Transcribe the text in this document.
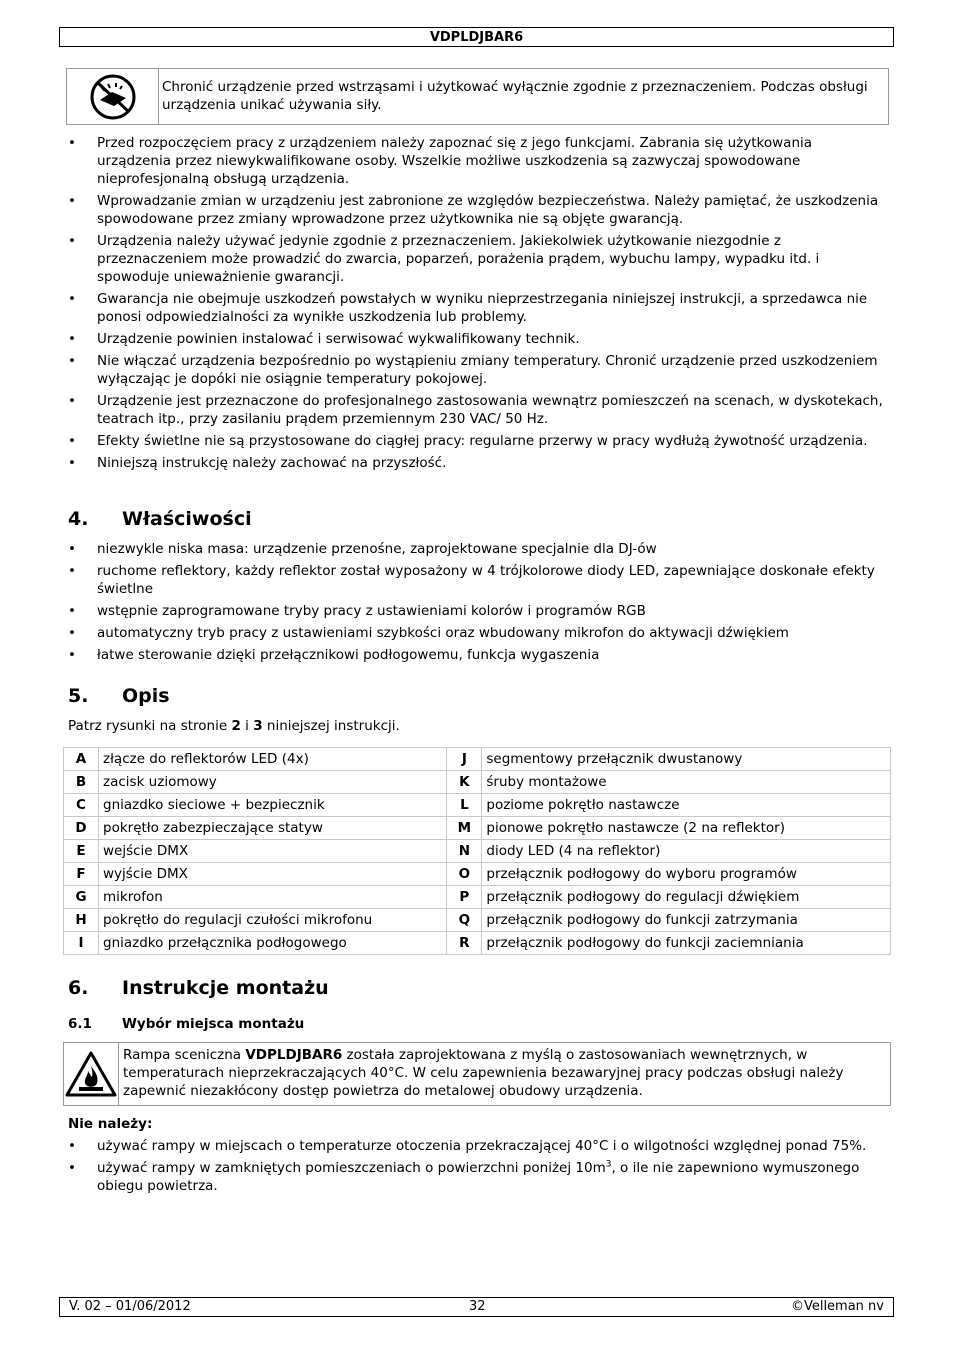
VDPLDJBAR6
Chronić urządzenie przed wstrząsami i użytkować wyłącznie zgodnie z przeznaczeniem. Podczas obsługi urządzenia unikać używania siły.
• Przed rozpoczęciem pracy z urządzeniem należy zapoznać się z jego funkcjami. Zabrania się użytkowania urządzenia przez niewykwalifikowane osoby. Wszelkie możliwe uszkodzenia są zazwyczaj spowodowane nieprofesjonalną obsługą urządzenia.
• Wprowadzanie zmian w urządzeniu jest zabronione ze względów bezpieczeństwa. Należy pamiętać, że uszkodzenia spowodowane przez zmiany wprowadzone przez użytkownika nie są objęte gwarancją.
• Urządzenia należy używać jedynie zgodnie z przeznaczeniem. Jakiekolwiek użytkowanie niezgodnie z przeznaczeniem może prowadzić do zwarcia, poparzeń, porażenia prądem, wybuchu lampy, wypadku itd. i spowoduje unieważnienie gwarancji.
• Gwarancja nie obejmuje uszkodzeń powstałych w wyniku nieprzestrzegania niniejszej instrukcji, a sprzedawca nie ponosi odpowiedzialności za wynikłe uszkodzenia lub problemy.
• Urządzenie powinien instalować i serwisować wykwalifikowany technik.
• Nie włączać urządzenia bezpośrednio po wystąpieniu zmiany temperatury. Chronić urządzenie przed uszkodzeniem wyłączając je dopóki nie osiągnie temperatury pokojowej.
• Urządzenie jest przeznaczone do profesjonalnego zastosowania wewnątrz pomieszczeń na scenach, w dyskotekach, teatrach itp., przy zasilaniu prądem przemiennym 230 VAC/ 50 Hz.
• Efekty świetlne nie są przystosowane do ciągłej pracy: regularne przerwy w pracy wydłużą żywotność urządzenia.
• Niniejszą instrukcję należy zachować na przyszłość.
4. Właściwości
• niezwykle niska masa: urządzenie przenośne, zaprojektowane specjalnie dla DJ-ów
• ruchome reflektory, każdy reflektor został wyposażony w 4 trójkolorowe diody LED, zapewniające doskonałe efekty świetlne
• wstępnie zaprogramowane tryby pracy z ustawieniami kolorów i programów RGB
• automatyczny tryb pracy z ustawieniami szybkości oraz wbudowany mikrofon do aktywacji dźwiękiem
• łatwe sterowanie dzięki przełącznikowi podłogowemu, funkcja wygaszenia
5. Opis

Patrz rysunki na stronie 2 i 3 niniejszej instrukcji.

A	złącze do reflektorów LED (4x)	J	segmentowy przełącznik dwustanowy
B	zacisk uziomowy	K	śruby montażowe
C	gniazdko sieciowe + bezpiecznik	L	poziome pokrętło nastawcze
D	pokrętło zabezpieczające statyw	M	pionowe pokrętło nastawcze (2 na reflektor)
E	wejście DMX	N	diody LED (4 na reflektor)
F	wyjście DMX	O	przełącznik podłogowy do wyboru programów
G	mikrofon	P	przełącznik podłogowy do regulacji dźwiękiem
H	pokrętło do regulacji czułości mikrofonu	Q	przełącznik podłogowy do funkcji zatrzymania
I	gniazdko przełącznika podłogowego	R	przełącznik podłogowy do funkcji zaciemniania
6. Instrukcje montażu
6.1 Wybór miejsca montażu
Rampa sceniczna VDPLDJBAR6 została zaprojektowana z myślą o zastosowaniach wewnętrznych, w temperaturach nieprzekraczających 40°C. W celu zapewnienia bezawaryjnej pracy podczas obsługi należy zapewnić niezakłócony dostęp powietrza do metalowej obudowy urządzenia.

Nie należy:

• używać rampy w miejscach o temperaturze otoczenia przekraczającej 40°C i o wilgotności względnej ponad 75%.
• używać rampy w zamkniętych pomieszczeniach o powierzchni poniżej $10m^3$, o ile nie zapewniono wymuszonego obiegu powietrza.
V. 02 – 01/06/2012	32	©Velleman nv
